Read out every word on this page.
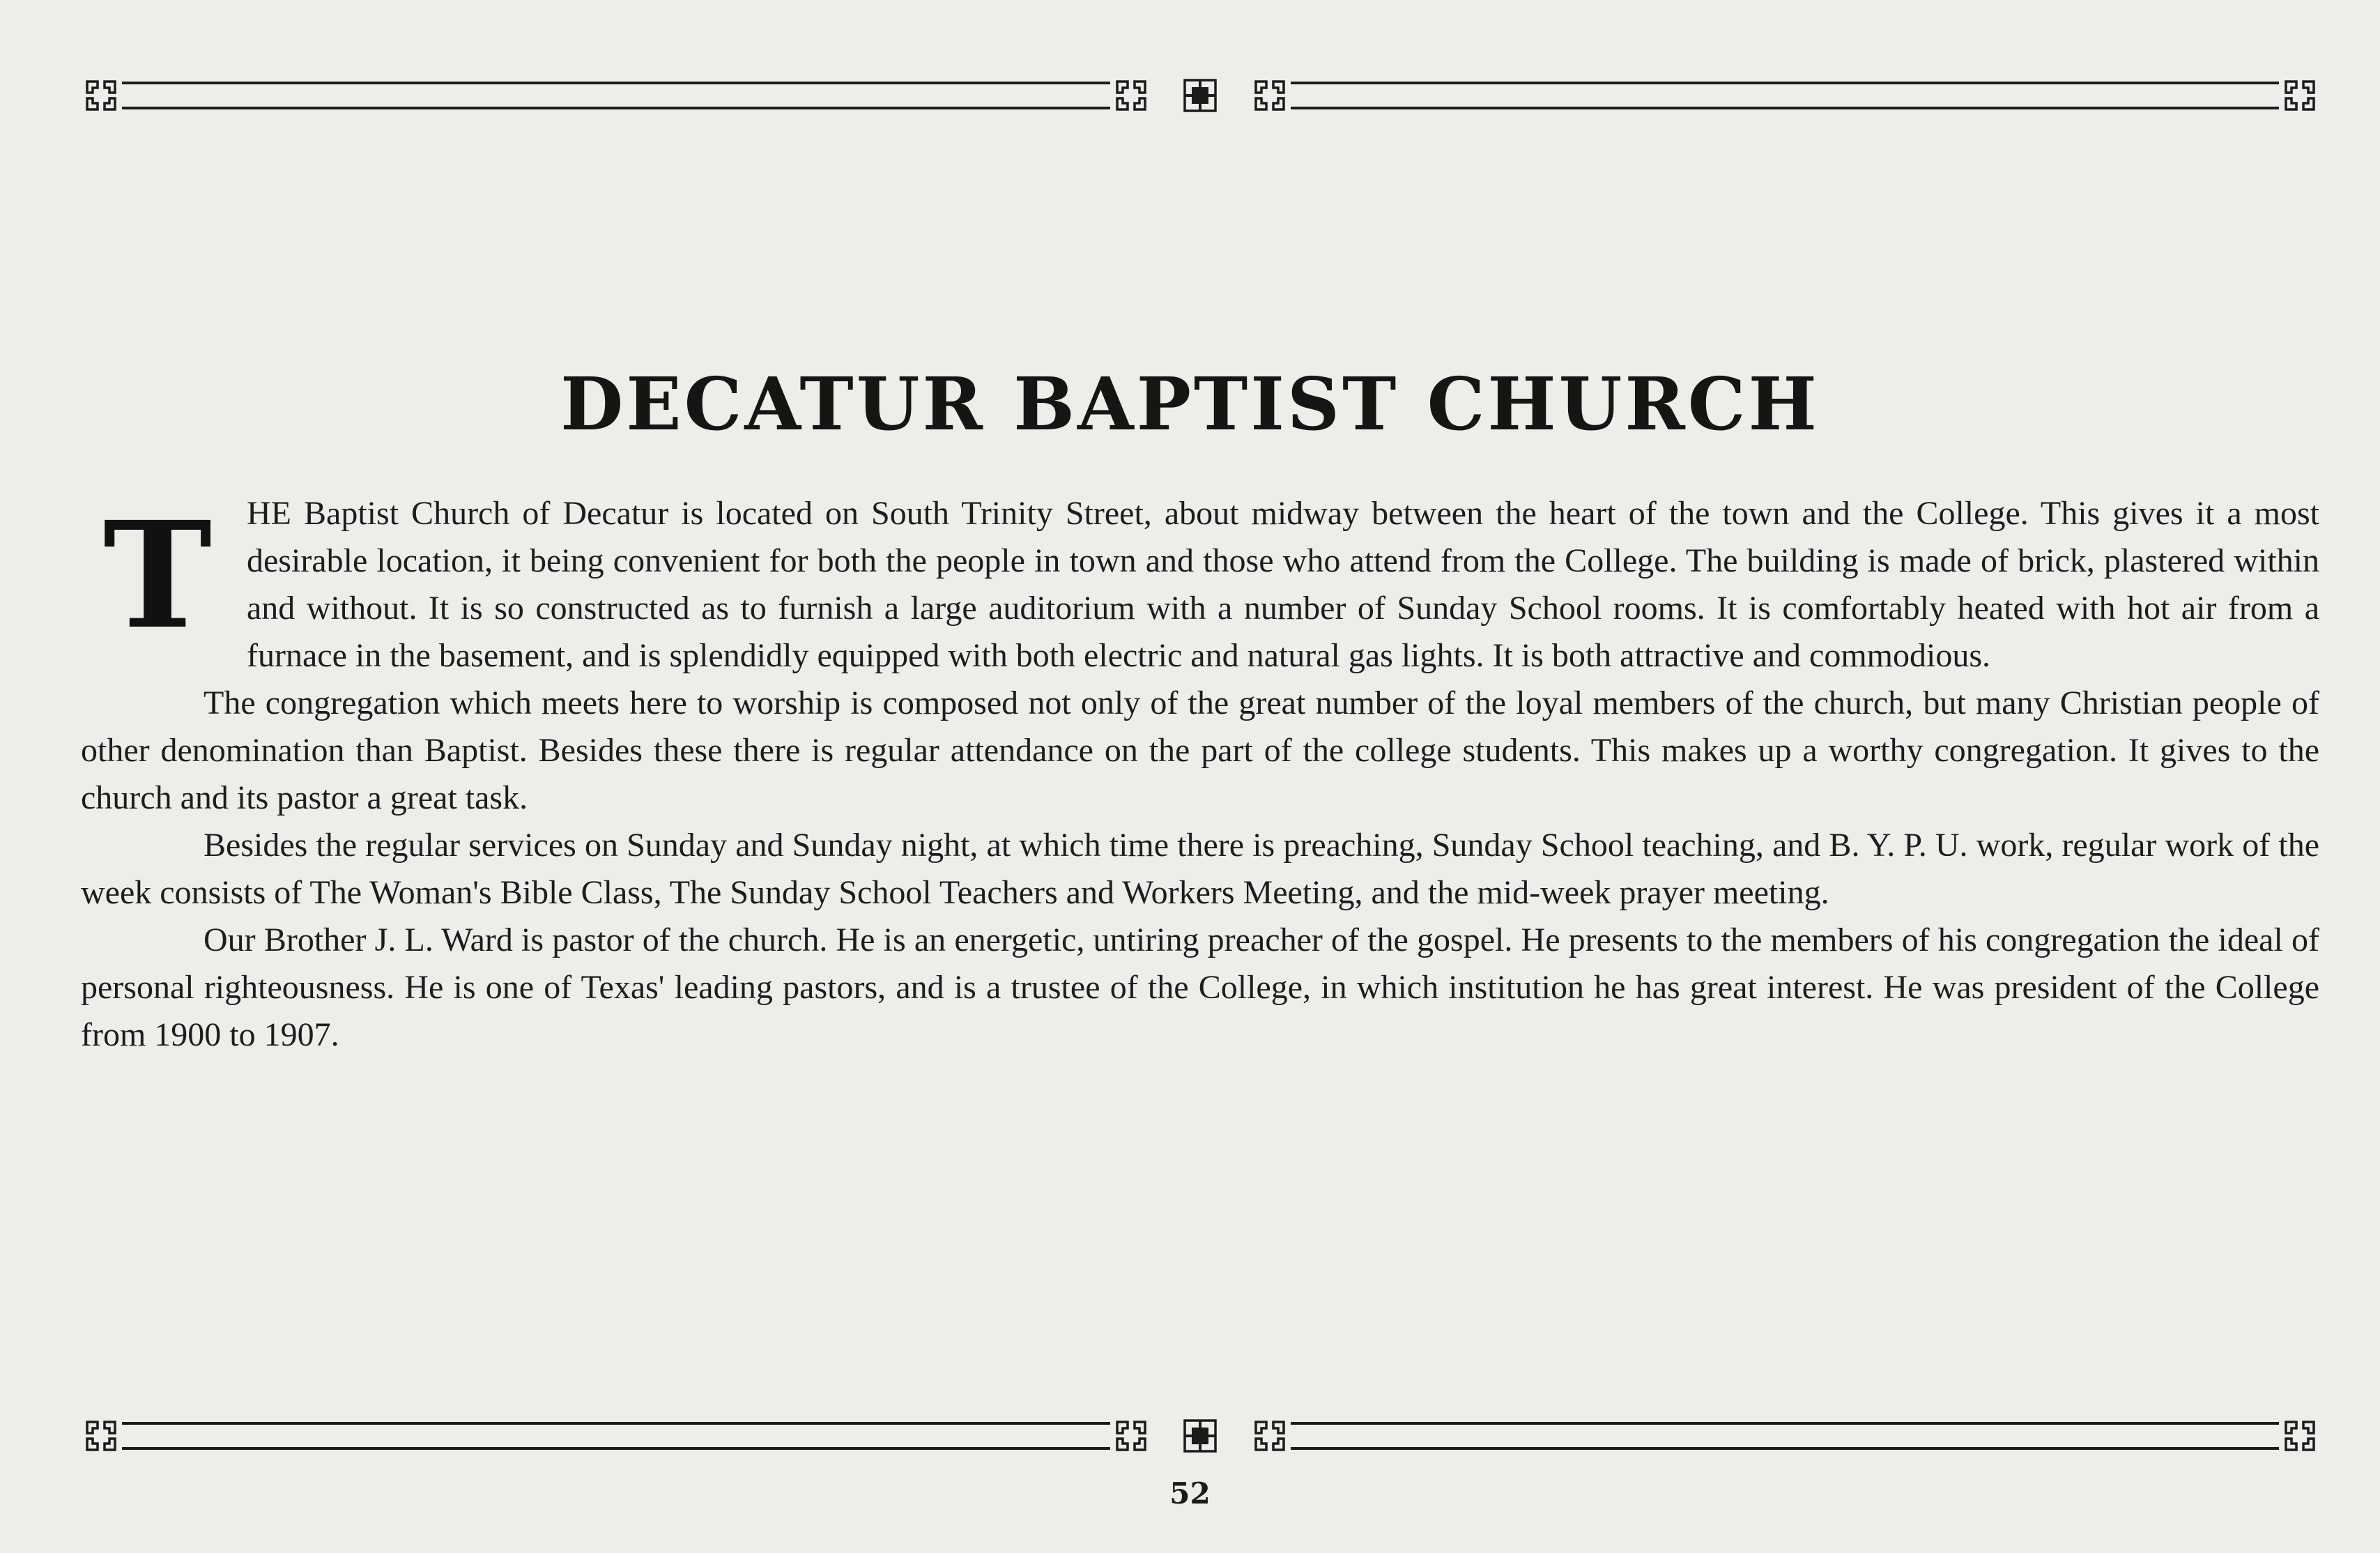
DECATUR BAPTIST CHURCH

T	HE Baptist Church of Decatur is located on South Trinity Street, about midway between the heart of the town and the College. This gives it a most desirable location, it being convenient for both the people in town and those who attend from the College. The building is made of brick, plastered within and without. It is so constructed as to furnish a large auditorium with a number of Sunday School rooms. It is comfortably heated with hot air from a furnace in the basement, and is splendidly equipped with both electric and natural gas lights. It is both attractive and commodious.

The congregation which meets here to worship is composed not only of the great number of the loyal members of the church, but many Christian people of other denomination than Baptist. Besides these there is regular attendance on the part of the college students. This makes up a worthy congregation. It gives to the church and its pastor a great task.

Besides the regular services on Sunday and Sunday night, at which time there is preaching, Sunday School teaching, and B. Y. P. U. work, regular work of the week consists of The Woman's Bible Class, The Sunday School Teachers and Workers Meeting, and the mid-week prayer meeting.

Our Brother J. L. Ward is pastor of the church. He is an energetic, untiring preacher of the gospel. He presents to the members of his congregation the ideal of personal righteousness. He is one of Texas' leading pastors, and is a trustee of the College, in which institution he has great interest. He was president of the College from 1900 to 1907.

52
